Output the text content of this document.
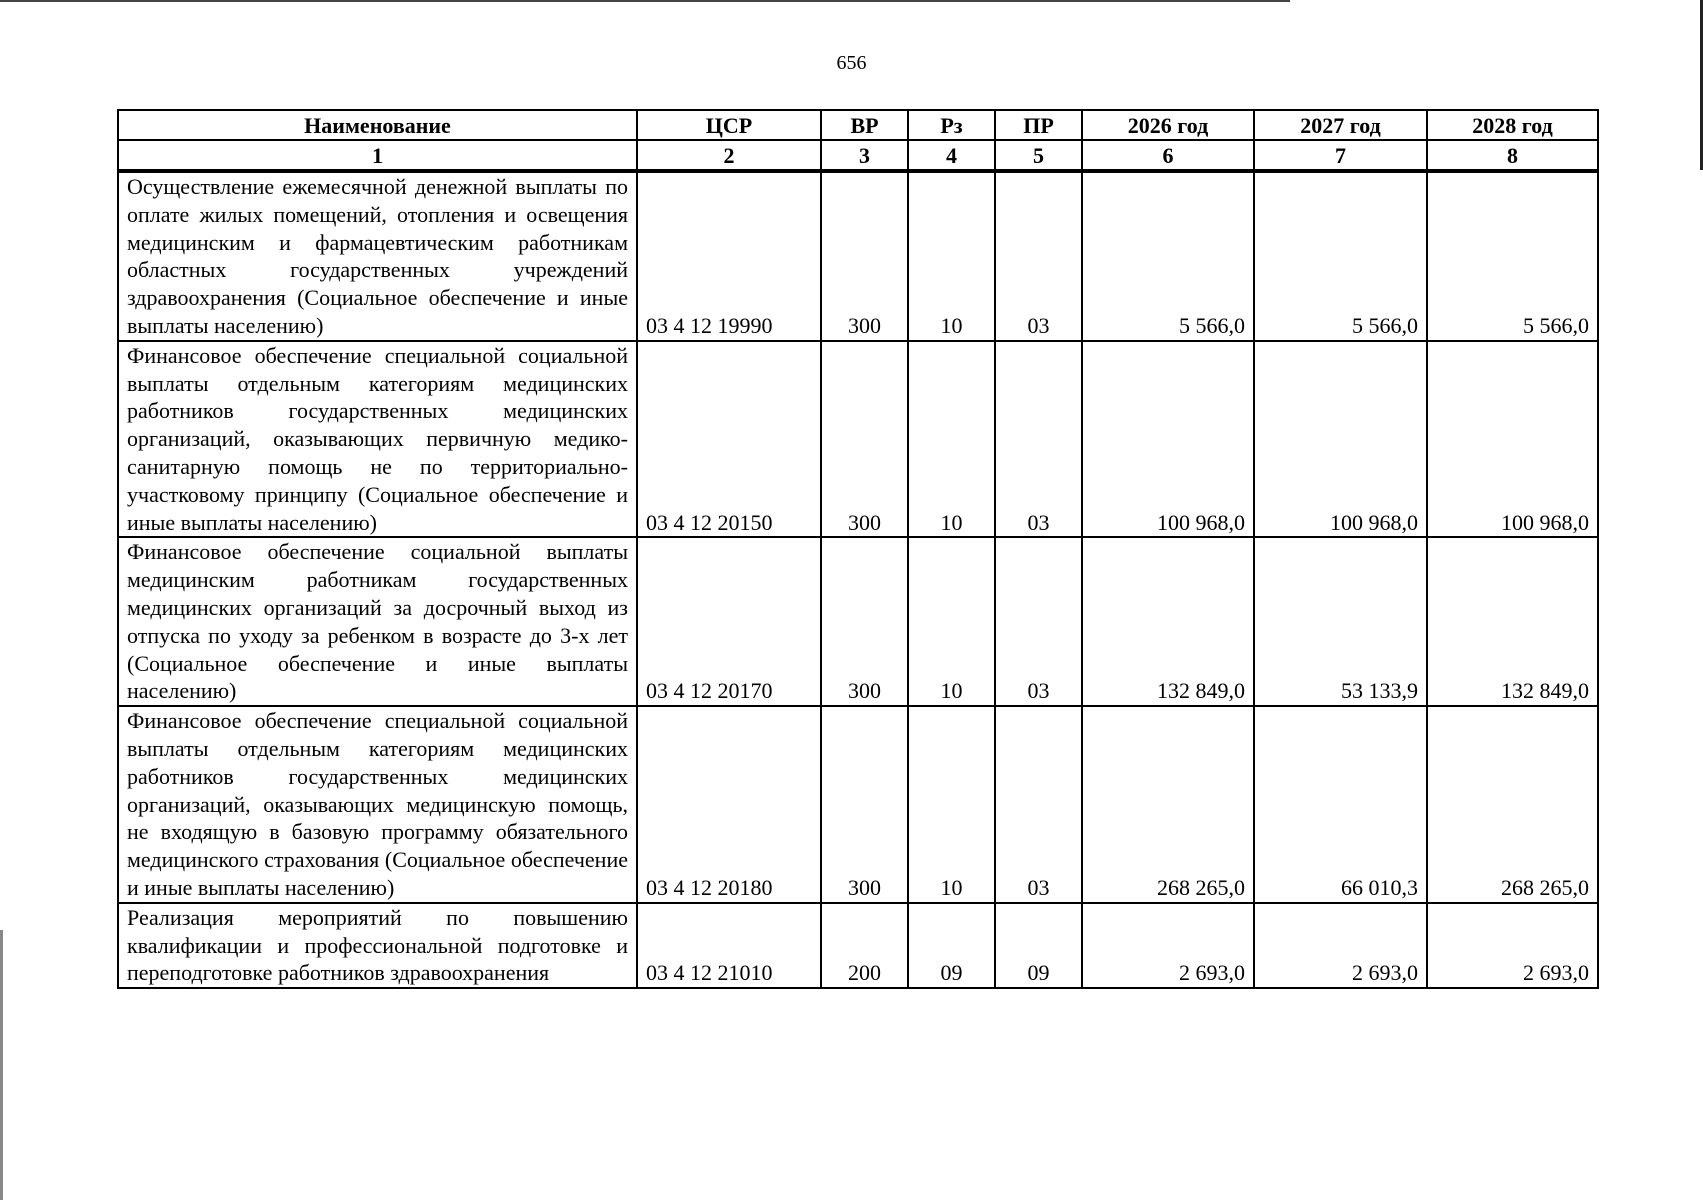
656
Наименование	ЦСР	ВР	Рз	ПР	2026 год	2027 год	2028 год
1	2	3	4	5	6	7	8
Осуществление ежемесячной денежной выплаты по оплате жилых помещений, отопления и освещения медицинским и фармацевтическим работникам областных государственных учреждений здравоохранения (Социальное обеспечение и иные выплаты населению)	03 4 12 19990	300	10	03	5 566,0	5 566,0	5 566,0
Финансовое обеспечение специальной социальной выплаты отдельным категориям медицинских работников государственных медицинских организаций, оказывающих первичную медико-санитарную помощь не по территориально-участковому принципу (Социальное обеспечение и иные выплаты населению)	03 4 12 20150	300	10	03	100 968,0	100 968,0	100 968,0
Финансовое обеспечение социальной выплаты медицинским работникам государственных медицинских организаций за досрочный выход из отпуска по уходу за ребенком в возрасте до 3-х лет (Социальное обеспечение и иные выплаты населению)	03 4 12 20170	300	10	03	132 849,0	53 133,9	132 849,0
Финансовое обеспечение специальной социальной выплаты отдельным категориям медицинских работников государственных медицинских организаций, оказывающих медицинскую помощь, не входящую в базовую программу обязательного медицинского страхования (Социальное обеспечение и иные выплаты населению)	03 4 12 20180	300	10	03	268 265,0	66 010,3	268 265,0
Реализация мероприятий по повышению квалификации и профессиональной подготовке и переподготовке работников здравоохранения	03 4 12 21010	200	09	09	2 693,0	2 693,0	2 693,0
